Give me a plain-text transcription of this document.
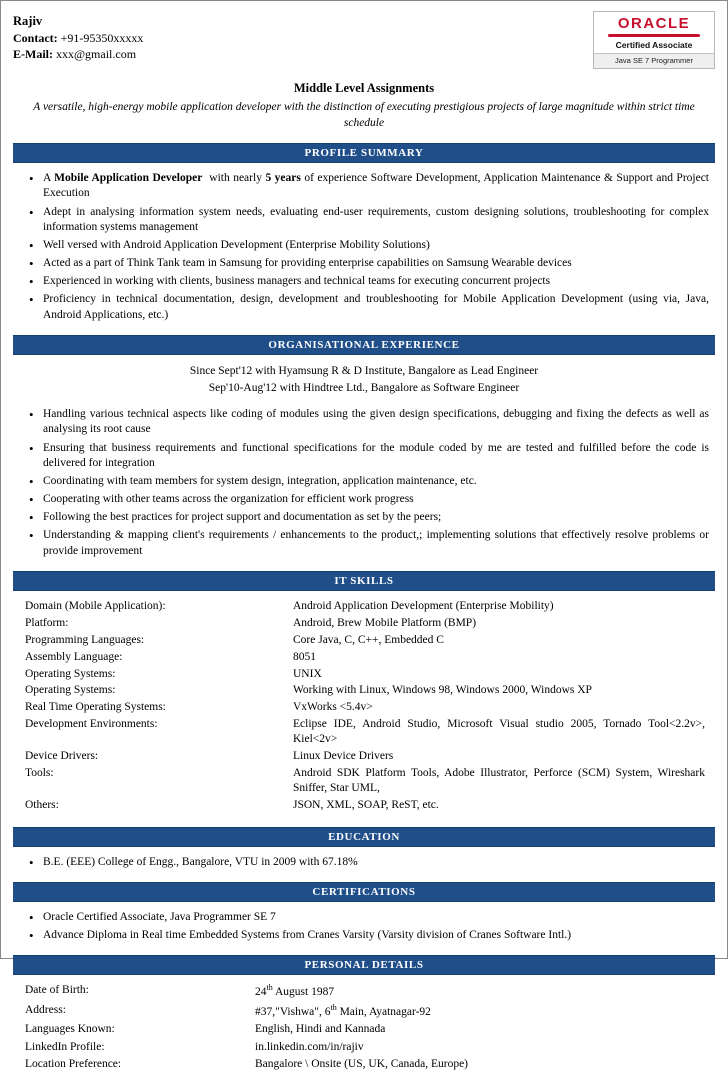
Rajiv
Contact: +91-95350xxxxx
E-Mail: xxx@gmail.com
ORACLE
Certified Associate
Java SE 7 Programmer
Middle Level Assignments
A versatile, high-energy mobile application developer with the distinction of executing prestigious projects of large magnitude within strict time schedule
PROFILE SUMMARY
• A Mobile Application Developer  with nearly 5 years of experience Software Development, Application Maintenance & Support and Project Execution
• Adept in analysing information system needs, evaluating end-user requirements, custom designing solutions, troubleshooting for complex information systems management
• Well versed with Android Application Development (Enterprise Mobility Solutions)
• Acted as a part of Think Tank team in Samsung for providing enterprise capabilities on Samsung Wearable devices
• Experienced in working with clients, business managers and technical teams for executing concurrent projects
• Proficiency in technical documentation, design, development and troubleshooting for Mobile Application Development (using via, Java, Android Applications, etc.)
ORGANISATIONAL EXPERIENCE
Since Sept'12 with Hyamsung R & D Institute, Bangalore as Lead Engineer
Sep'10-Aug'12 with Hindtree Ltd., Bangalore as Software Engineer
• Handling various technical aspects like coding of modules using the given design specifications, debugging and fixing the defects as well as analysing its root cause
• Ensuring that business requirements and functional specifications for the module coded by me are tested and fulfilled before the code is delivered for integration
• Coordinating with team members for system design, integration, application maintenance, etc.
• Cooperating with other teams across the organization for efficient work progress
• Following the best practices for project support and documentation as set by the peers;
• Understanding & mapping client's requirements / enhancements to the product,; implementing solutions that effectively resolve problems or provide improvement
IT SKILLS
Domain (Mobile Application):	Android Application Development (Enterprise Mobility)
Platform:	Android, Brew Mobile Platform (BMP)
Programming Languages:	Core Java, C, C++, Embedded C
Assembly Language:	8051
Operating Systems:	UNIX
Operating Systems:	Working with Linux, Windows 98, Windows 2000, Windows XP
Real Time Operating Systems:	VxWorks <5.4v>
Development Environments:	Eclipse IDE, Android Studio, Microsoft Visual studio 2005, Tornado Tool<2.2v>, Kiel<2v>
Device Drivers:	Linux Device Drivers
Tools:	Android SDK Platform Tools, Adobe Illustrator, Perforce (SCM) System, Wireshark Sniffer, Star UML,
Others:	JSON, XML, SOAP, ReST, etc.
EDUCATION
• B.E. (EEE) College of Engg., Bangalore, VTU in 2009 with 67.18%
CERTIFICATIONS
• Oracle Certified Associate, Java Programmer SE 7
• Advance Diploma in Real time Embedded Systems from Cranes Varsity (Varsity division of Cranes Software Intl.)
PERSONAL DETAILS
Date of Birth:	24th August 1987
Address:	#37,"Vishwa", 6th Main, Ayatnagar-92
Languages Known:	English, Hindi and Kannada
LinkedIn Profile:	in.linkedin.com/in/rajiv
Location Preference:	Bangalore \ Onsite (US, UK, Canada, Europe)
